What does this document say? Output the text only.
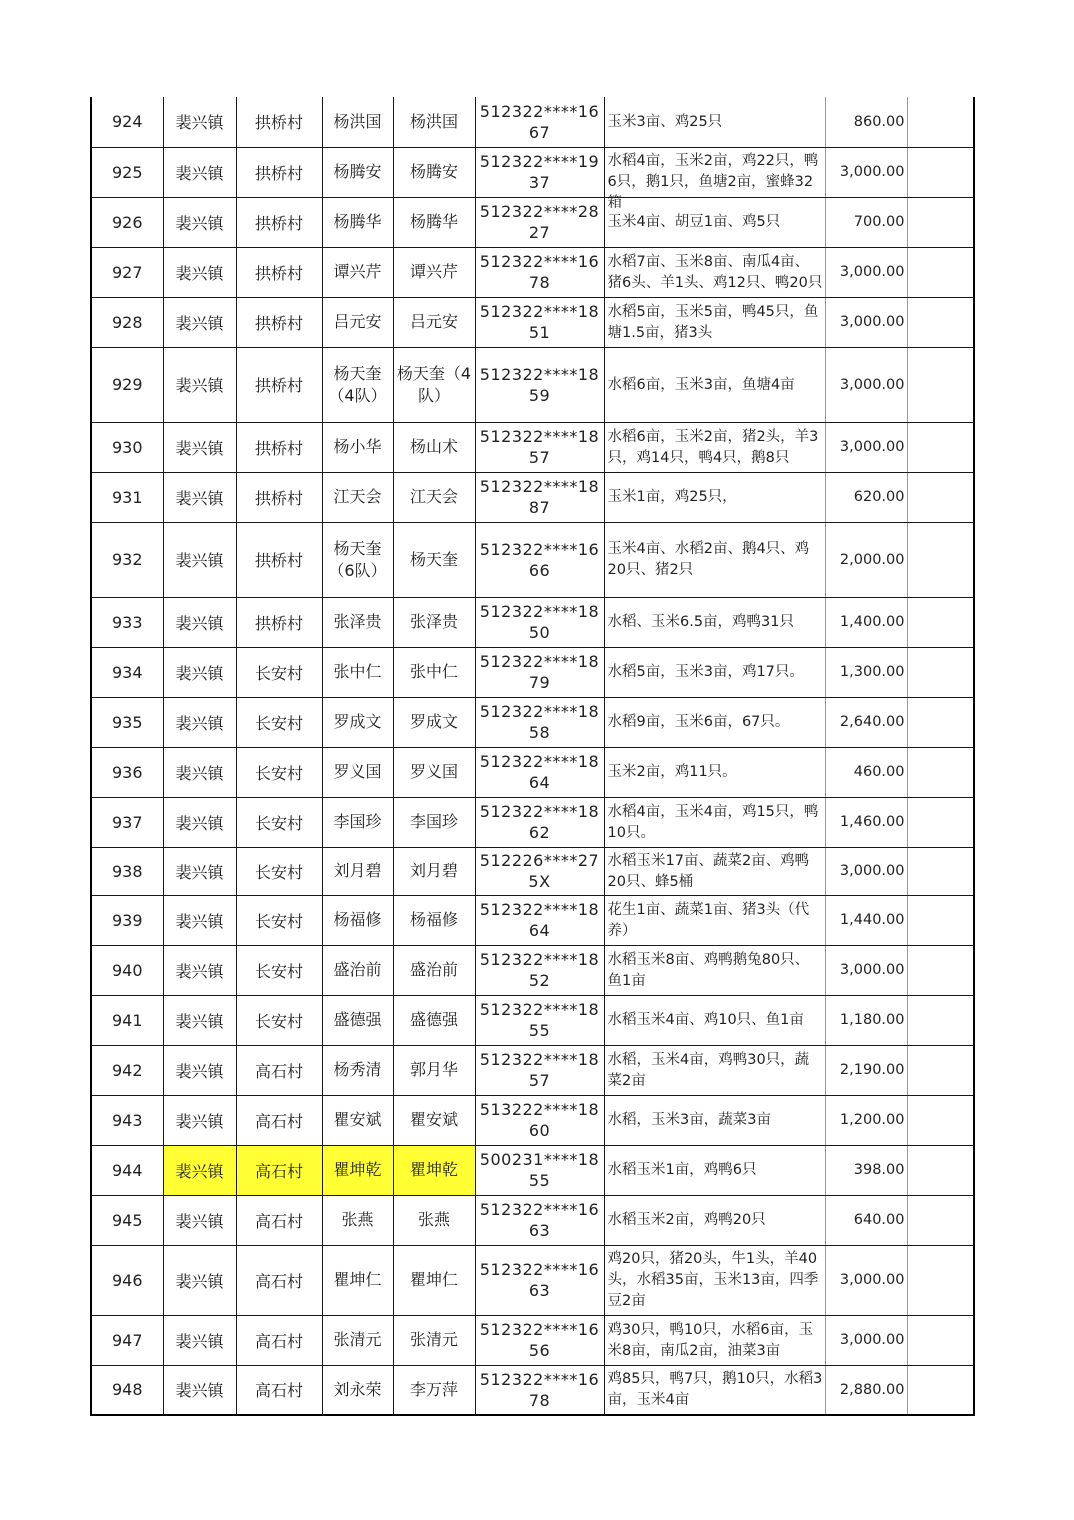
924	裴兴镇	拱桥村	杨洪国	杨洪国	512322****1667	玉米3亩、鸡25只	860.00	
925	裴兴镇	拱桥村	杨腾安	杨腾安	512322****1937	水稻4亩，玉米2亩，鸡22只，鸭6只，鹅1只，鱼塘2亩，蜜蜂32箱	3,000.00	
926	裴兴镇	拱桥村	杨腾华	杨腾华	512322****2827	玉米4亩、胡豆1亩、鸡5只	700.00	
927	裴兴镇	拱桥村	谭兴芹	谭兴芹	512322****1678	水稻7亩、玉米8亩、南瓜4亩、猪6头、羊1头、鸡12只、鸭20只	3,000.00	
928	裴兴镇	拱桥村	吕元安	吕元安	512322****1851	水稻5亩，玉米5亩，鸭45只，鱼塘1.5亩，猪3头	3,000.00	
929	裴兴镇	拱桥村	杨天奎（4队）	杨天奎（4队）	512322****1859	水稻6亩，玉米3亩，鱼塘4亩	3,000.00	
930	裴兴镇	拱桥村	杨小华	杨山术	512322****1857	水稻6亩，玉米2亩，猪2头，羊3只，鸡14只，鸭4只，鹅8只	3,000.00	
931	裴兴镇	拱桥村	江天会	江天会	512322****1887	玉米1亩，鸡25只，	620.00	
932	裴兴镇	拱桥村	杨天奎（6队）	杨天奎	512322****1666	玉米4亩、水稻2亩、鹅4只、鸡20只、猪2只	2,000.00	
933	裴兴镇	拱桥村	张泽贵	张泽贵	512322****1850	水稻、玉米6.5亩，鸡鸭31只	1,400.00	
934	裴兴镇	长安村	张中仁	张中仁	512322****1879	水稻5亩，玉米3亩，鸡17只。	1,300.00	
935	裴兴镇	长安村	罗成文	罗成文	512322****1858	水稻9亩，玉米6亩，67只。	2,640.00	
936	裴兴镇	长安村	罗义国	罗义国	512322****1864	玉米2亩，鸡11只。	460.00	
937	裴兴镇	长安村	李国珍	李国珍	512322****1862	水稻4亩，玉米4亩，鸡15只，鸭10只。	1,460.00	
938	裴兴镇	长安村	刘月碧	刘月碧	512226****275X	水稻玉米17亩、蔬菜2亩、鸡鸭20只、蜂5桶	3,000.00	
939	裴兴镇	长安村	杨福修	杨福修	512322****1864	花生1亩、蔬菜1亩、猪3头（代养）	1,440.00	
940	裴兴镇	长安村	盛治前	盛治前	512322****1852	水稻玉米8亩、鸡鸭鹅兔80只、鱼1亩	3,000.00	
941	裴兴镇	长安村	盛德强	盛德强	512322****1855	水稻玉米4亩、鸡10只、鱼1亩	1,180.00	
942	裴兴镇	高石村	杨秀清	郭月华	512322****1857	水稻，玉米4亩，鸡鸭30只，蔬菜2亩	2,190.00	
943	裴兴镇	高石村	瞿安斌	瞿安斌	513222****1860	水稻，玉米3亩，蔬菜3亩	1,200.00	
944	裴兴镇	高石村	瞿坤乾	瞿坤乾	500231****1855	水稻玉米1亩，鸡鸭6只	398.00	
945	裴兴镇	高石村	张燕	张燕	512322****1663	水稻玉米2亩，鸡鸭20只	640.00	
946	裴兴镇	高石村	瞿坤仁	瞿坤仁	512322****1663	鸡20只，猪20头，牛1头，羊40头，水稻35亩，玉米13亩，四季豆2亩	3,000.00	
947	裴兴镇	高石村	张清元	张清元	512322****1656	鸡30只，鸭10只，水稻6亩，玉米8亩，南瓜2亩，油菜3亩	3,000.00	
948	裴兴镇	高石村	刘永荣	李万萍	512322****1678	鸡85只，鸭7只，鹅10只，水稻3亩，玉米4亩	2,880.00	
